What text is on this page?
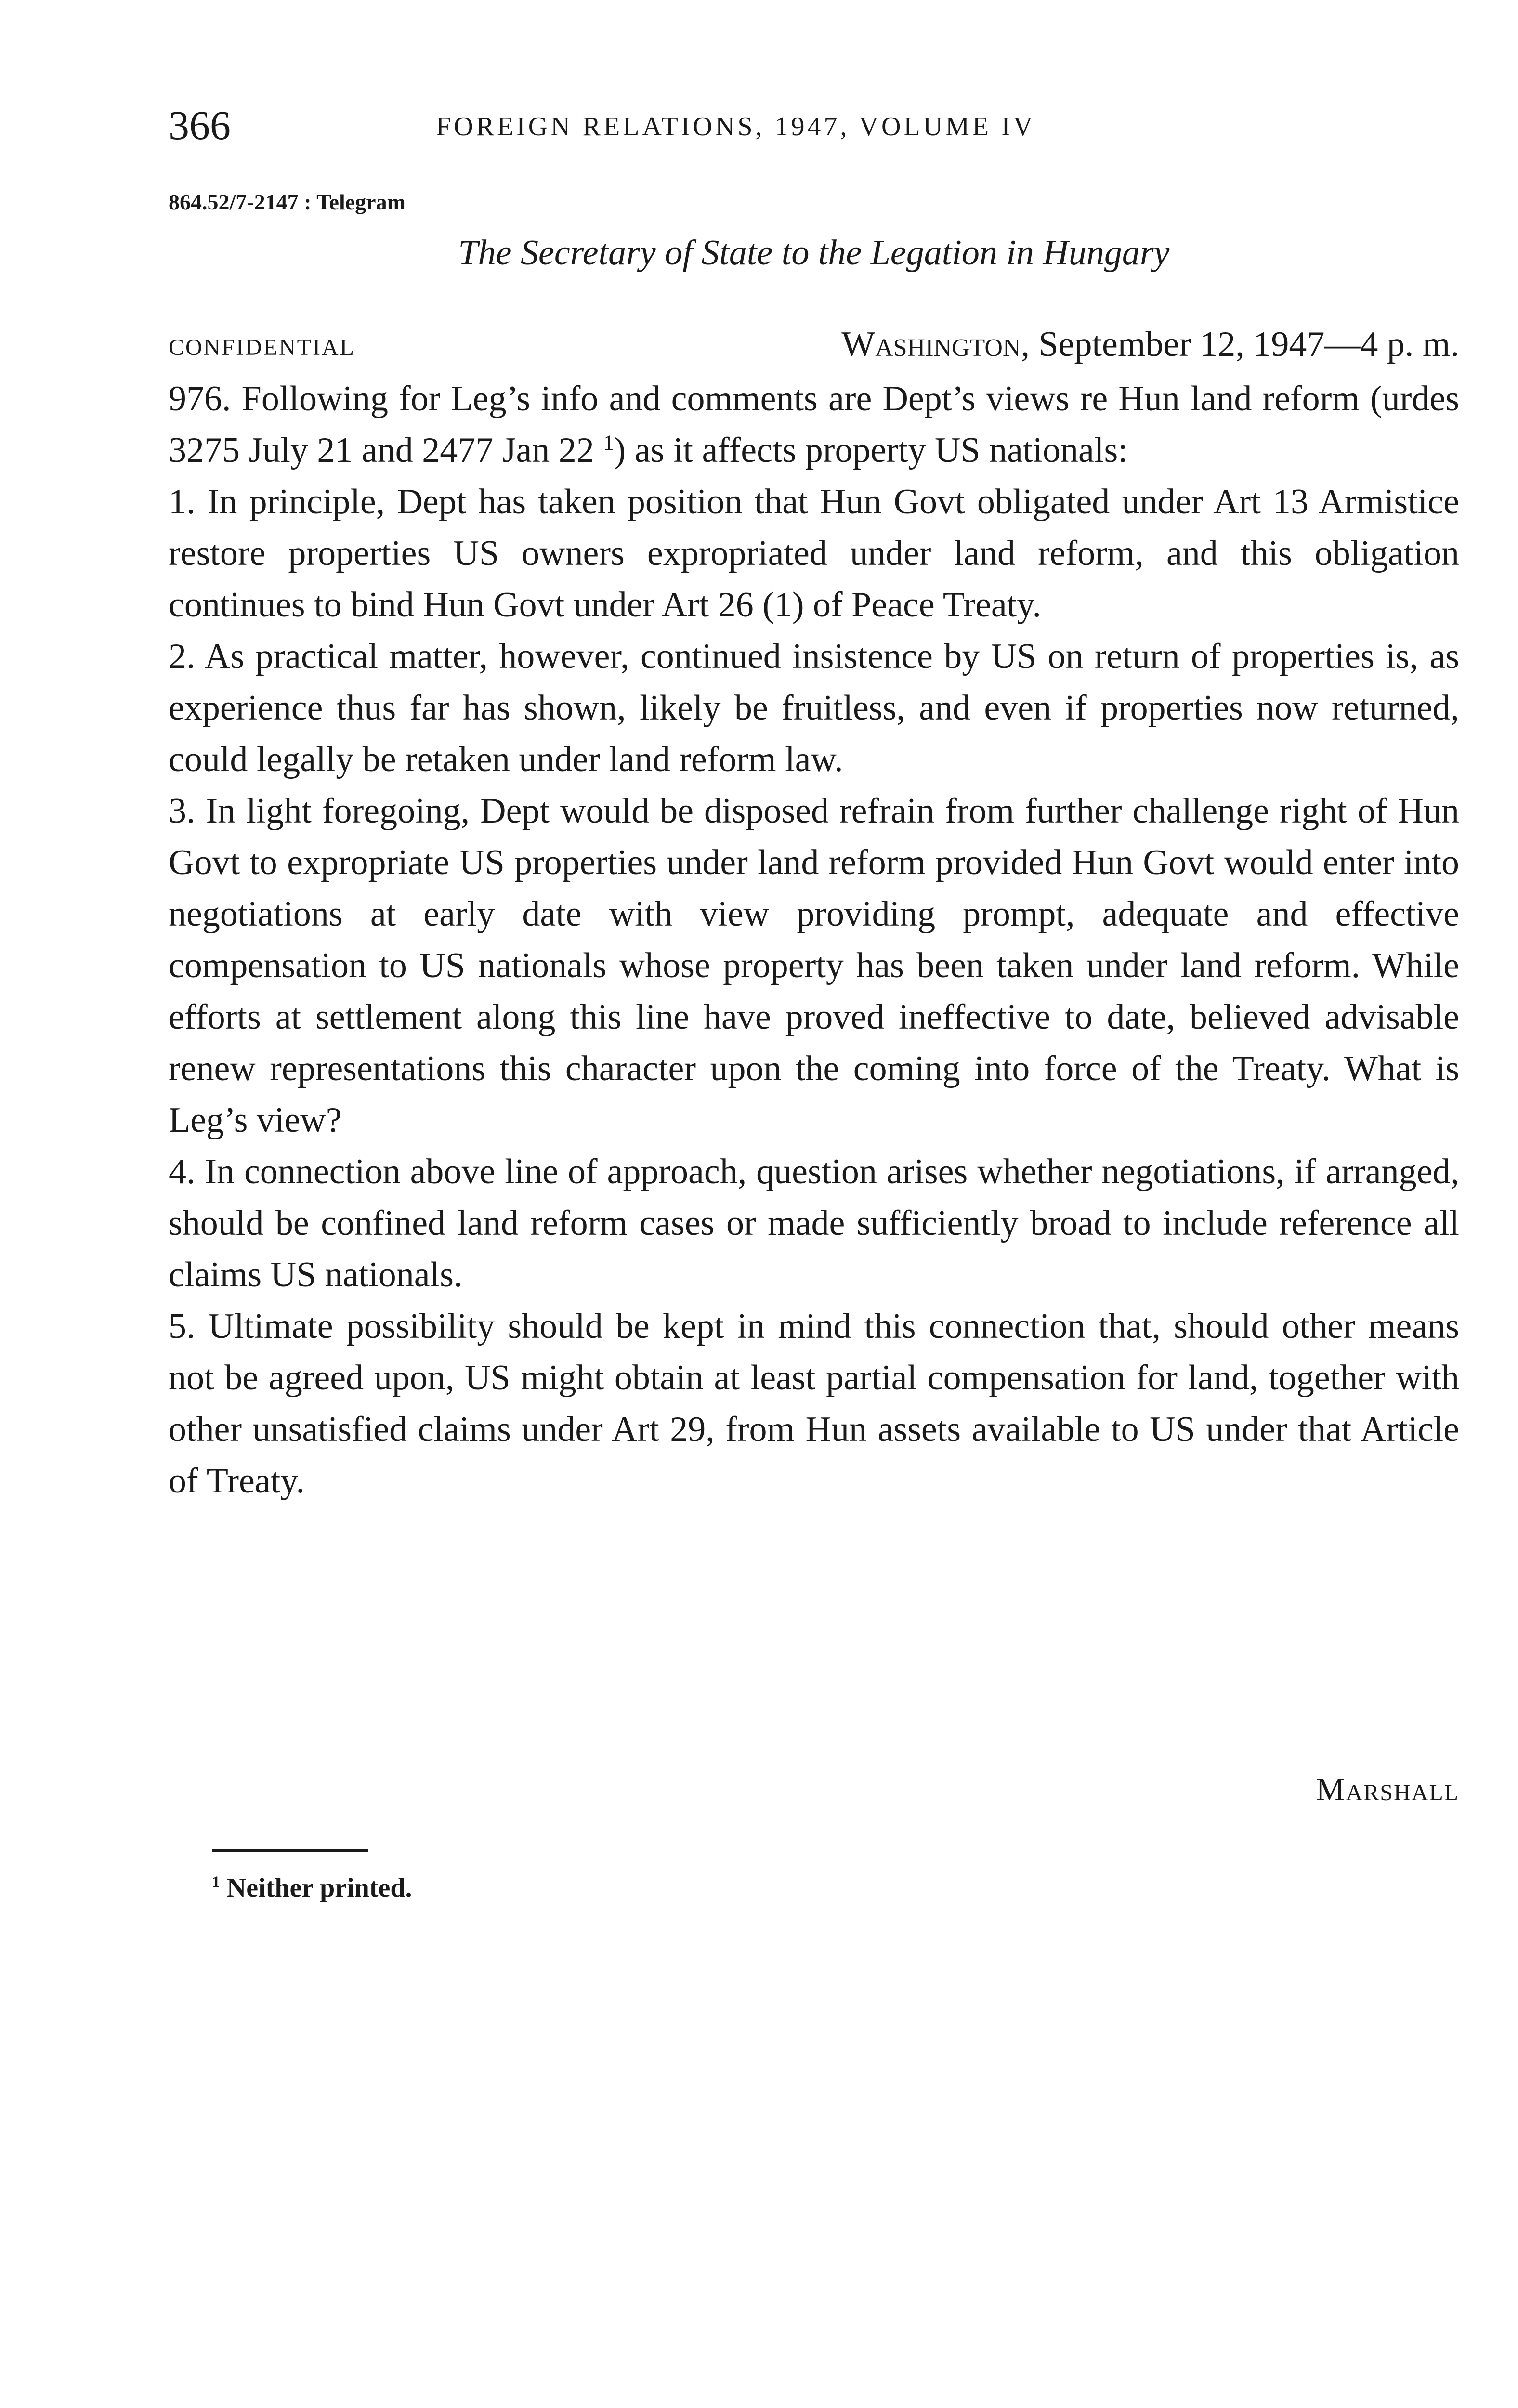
366	FOREIGN RELATIONS, 1947, VOLUME IV
864.52/7-2147 : Telegram
The Secretary of State to the Legation in Hungary
CONFIDENTIAL	Washington, September 12, 1947—4 p. m.

976. Following for Leg’s info and comments are Dept’s views re Hun land reform (urdes 3275 July 21 and 2477 Jan 22 $^1$) as it affects property US nationals:

1. In principle, Dept has taken position that Hun Govt obligated under Art 13 Armistice restore properties US owners expropriated under land reform, and this obligation continues to bind Hun Govt under Art 26 (1) of Peace Treaty.

2. As practical matter, however, continued insistence by US on return of properties is, as experience thus far has shown, likely be fruitless, and even if properties now returned, could legally be retaken under land reform law.

3. In light foregoing, Dept would be disposed refrain from further challenge right of Hun Govt to expropriate US properties under land reform provided Hun Govt would enter into negotiations at early date with view providing prompt, adequate and effective compensation to US nationals whose property has been taken under land reform. While efforts at settlement along this line have proved ineffective to date, believed advisable renew representations this character upon the coming into force of the Treaty. What is Leg’s view?

4. In connection above line of approach, question arises whether negotiations, if arranged, should be confined land reform cases or made sufficiently broad to include reference all claims US nationals.

5. Ultimate possibility should be kept in mind this connection that, should other means not be agreed upon, US might obtain at least partial compensation for land, together with other unsatisfied claims under Art 29, from Hun assets available to US under that Article of Treaty.

Marshall
$^1$ Neither printed.
